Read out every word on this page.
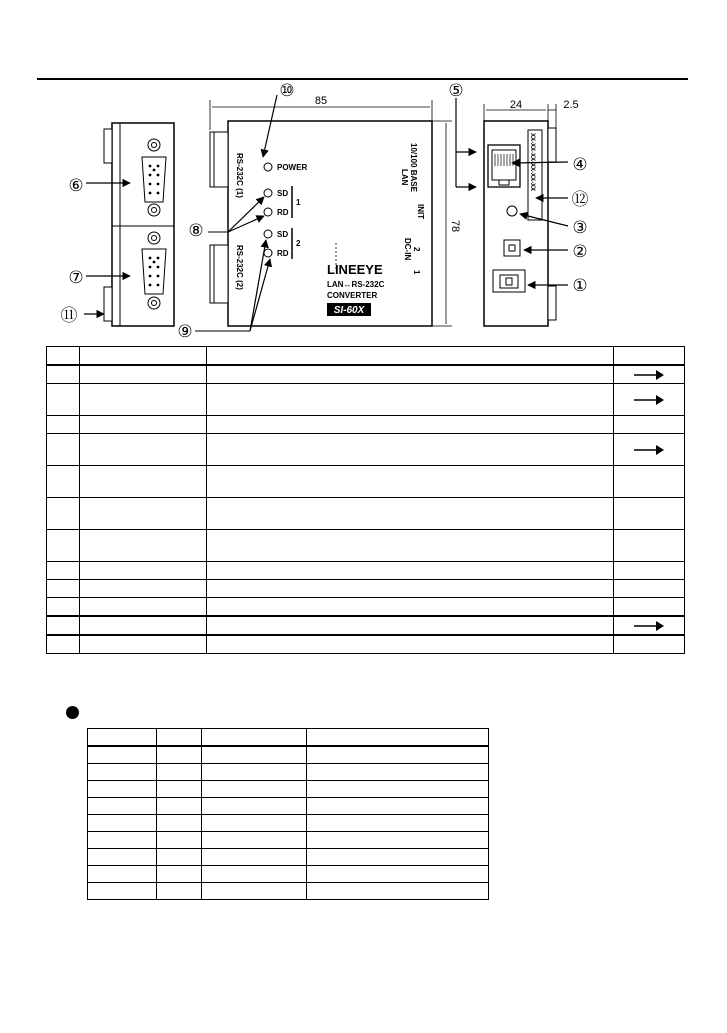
⑩	⑤
⑥
⑧
④
⑫
③
②
⑦	①
⑪
⑨
85	24	2.5
78
POWER
SD
RD
SD
RD
1
2
RS-232C (1)
RS-232C (2)
10/100 BASE
LAN
INIT
DC-IN 2
1
XX-XX-XX-XX-XX-XX
LINEEYE
LAN↔RS-232C
CONVERTER
SI-60X
